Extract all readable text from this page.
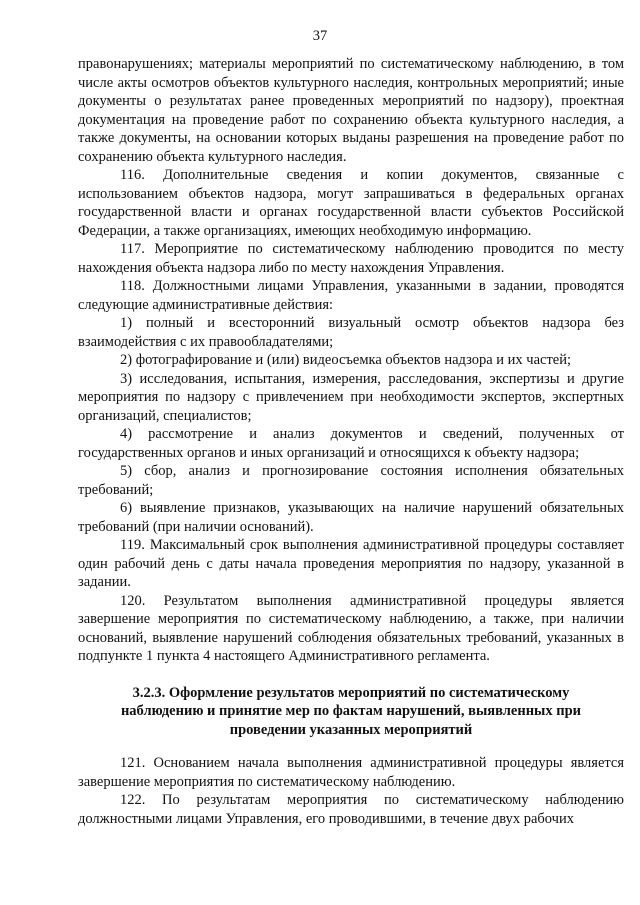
37

правонарушениях; материалы мероприятий по систематическому наблюдению, в том числе акты осмотров объектов культурного наследия, контрольных мероприятий; иные документы о результатах ранее проведенных мероприятий по надзору), проектная документация на проведение работ по сохранению объекта культурного наследия, а также документы, на основании которых выданы разрешения на проведение работ по сохранению объекта культурного наследия.

116. Дополнительные сведения и копии документов, связанные с использованием объектов надзора, могут запрашиваться в федеральных органах государственной власти и органах государственной власти субъектов Российской Федерации, а также организациях, имеющих необходимую информацию.

117. Мероприятие по систематическому наблюдению проводится по месту нахождения объекта надзора либо по месту нахождения Управления.

118. Должностными лицами Управления, указанными в задании, проводятся следующие административные действия:

1) полный и всесторонний визуальный осмотр объектов надзора без взаимодействия с их правообладателями;

2) фотографирование и (или) видеосъемка объектов надзора и их частей;

3) исследования, испытания, измерения, расследования, экспертизы и другие мероприятия по надзору с привлечением при необходимости экспертов, экспертных организаций, специалистов;

4) рассмотрение и анализ документов и сведений, полученных от государственных органов и иных организаций и относящихся к объекту надзора;

5) сбор, анализ и прогнозирование состояния исполнения обязательных требований;

6) выявление признаков, указывающих на наличие нарушений обязательных требований (при наличии оснований).

119. Максимальный срок выполнения административной процедуры составляет один рабочий день с даты начала проведения мероприятия по надзору, указанной в задании.

120. Результатом выполнения административной процедуры является завершение мероприятия по систематическому наблюдению, а также, при наличии оснований, выявление нарушений соблюдения обязательных требований, указанных в подпункте 1 пункта 4 настоящего Административного регламента.

3.2.3. Оформление результатов мероприятий по систематическому наблюдению и принятие мер по фактам нарушений, выявленных при проведении указанных мероприятий

121. Основанием начала выполнения административной процедуры является завершение мероприятия по систематическому наблюдению.

122. По результатам мероприятия по систематическому наблюдению должностными лицами Управления, его проводившими, в течение двух рабочих
